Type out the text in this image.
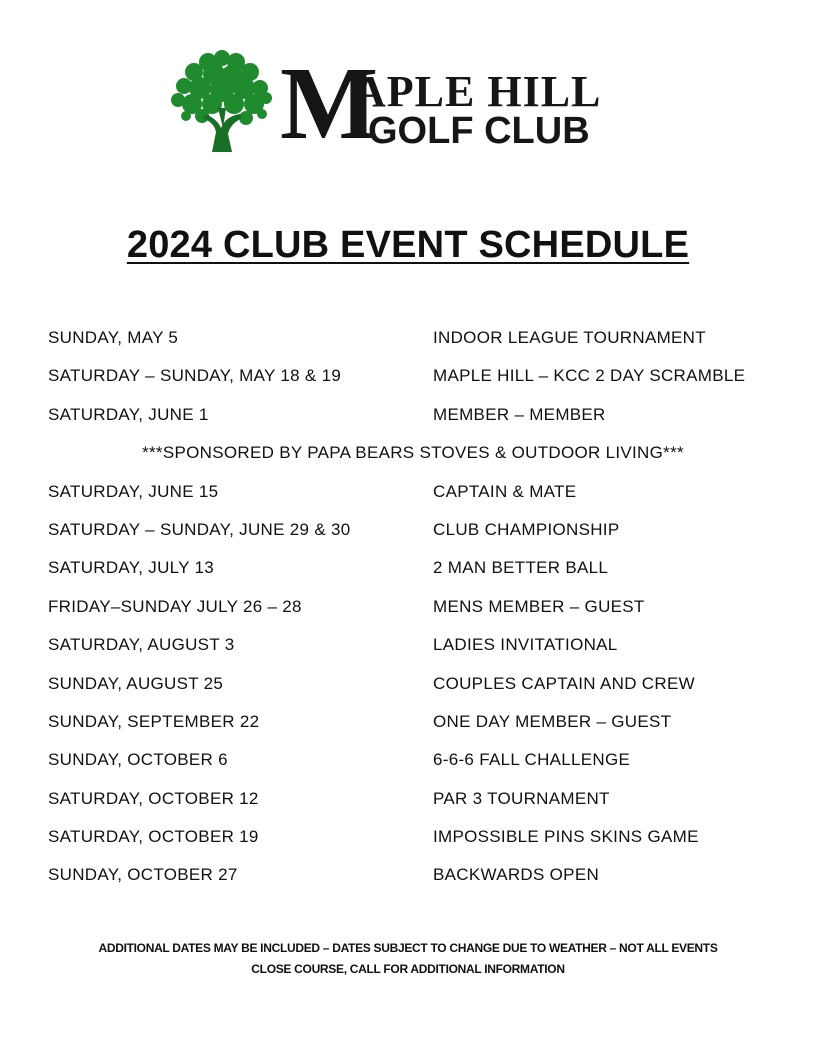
M
APLE HILL
GOLF CLUB
2024 CLUB EVENT SCHEDULE
SUNDAY, MAY 5	INDOOR LEAGUE TOURNAMENT
SATURDAY – SUNDAY, MAY 18 & 19	MAPLE HILL – KCC 2 DAY SCRAMBLE
SATURDAY, JUNE 1	MEMBER – MEMBER
***SPONSORED BY PAPA BEARS STOVES & OUTDOOR LIVING***
SATURDAY, JUNE 15	CAPTAIN & MATE
SATURDAY – SUNDAY, JUNE 29 & 30	CLUB CHAMPIONSHIP
SATURDAY, JULY 13	2 MAN BETTER BALL
FRIDAY–SUNDAY JULY 26 – 28	MENS MEMBER – GUEST
SATURDAY, AUGUST 3	LADIES INVITATIONAL
SUNDAY, AUGUST 25	COUPLES CAPTAIN AND CREW
SUNDAY, SEPTEMBER 22	ONE DAY MEMBER – GUEST
SUNDAY, OCTOBER 6	6-6-6 FALL CHALLENGE
SATURDAY, OCTOBER 12	PAR 3 TOURNAMENT
SATURDAY, OCTOBER 19	IMPOSSIBLE PINS SKINS GAME
SUNDAY, OCTOBER 27	BACKWARDS OPEN
ADDITIONAL DATES MAY BE INCLUDED – DATES SUBJECT TO CHANGE DUE TO WEATHER – NOT ALL EVENTS
CLOSE COURSE, CALL FOR ADDITIONAL INFORMATION
